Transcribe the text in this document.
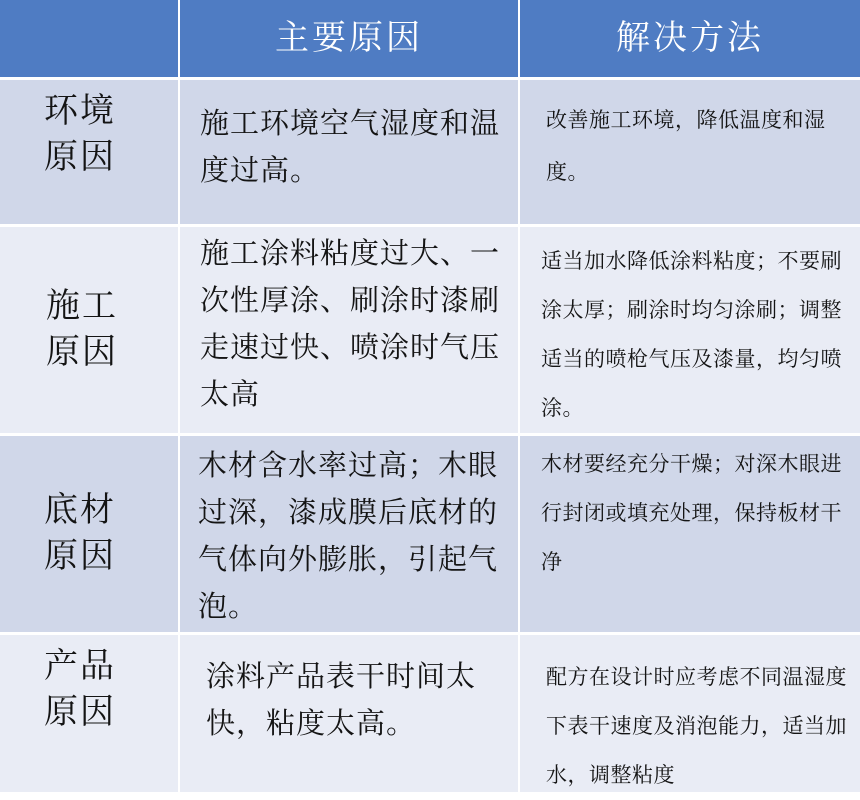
主要原因	解决方法
环境
原因
施工环境空气湿度和温度过高。
改善施工环境，降低温度和湿度。
施工
原因
施工涂料粘度过大、一次性厚涂、刷涂时漆刷走速过快、喷涂时气压太高
适当加水降低涂料粘度；不要刷涂太厚；刷涂时均匀涂刷；调整适当的喷枪气压及漆量，均匀喷涂。
底材
原因
木材含水率过高；木眼过深，漆成膜后底材的气体向外膨胀，引起气泡。
木材要经充分干燥；对深木眼进行封闭或填充处理，保持板材干净
产品
原因
涂料产品表干时间太快，粘度太高。
配方在设计时应考虑不同温湿度下表干速度及消泡能力，适当加水，调整粘度
